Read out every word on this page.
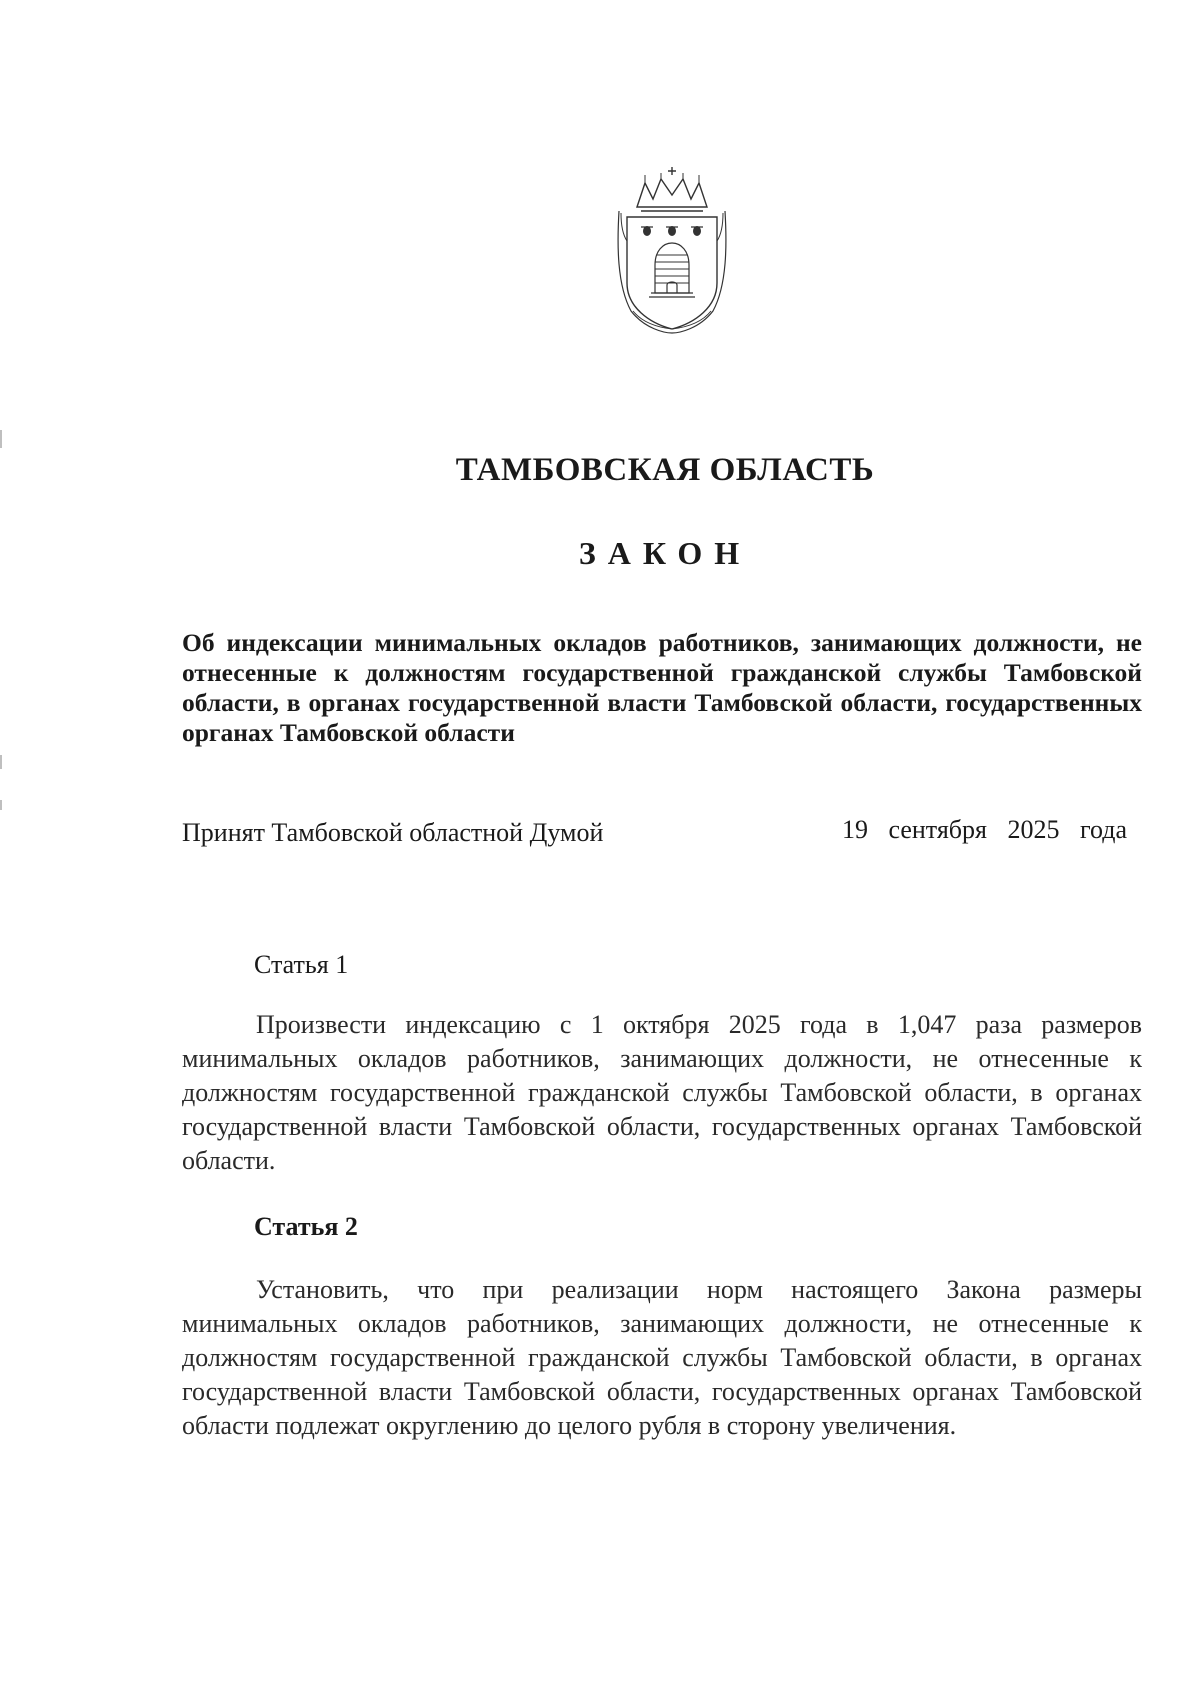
ТАМБОВСКАЯ ОБЛАСТЬ
ЗАКОН
Об индексации минимальных окладов работников, занимающих должности, не отнесенные к должностям государственной гражданской службы Тамбовской области, в органах государственной власти Тамбовской области, государственных органах Тамбовской области
Принят Тамбовской областной Думой	19 сентября 2025 года
Статья 1
Произвести индексацию с 1 октября 2025 года в 1,047 раза размеров минимальных окладов работников, занимающих должности, не отнесенные к должностям государственной гражданской службы Тамбовской области, в органах государственной власти Тамбовской области, государственных органах Тамбовской области.
Статья 2
Установить, что при реализации норм настоящего Закона размеры минимальных окладов работников, занимающих должности, не отнесенные к должностям государственной гражданской службы Тамбовской области, в органах государственной власти Тамбовской области, государственных органах Тамбовской области подлежат округлению до целого рубля в сторону увеличения.
